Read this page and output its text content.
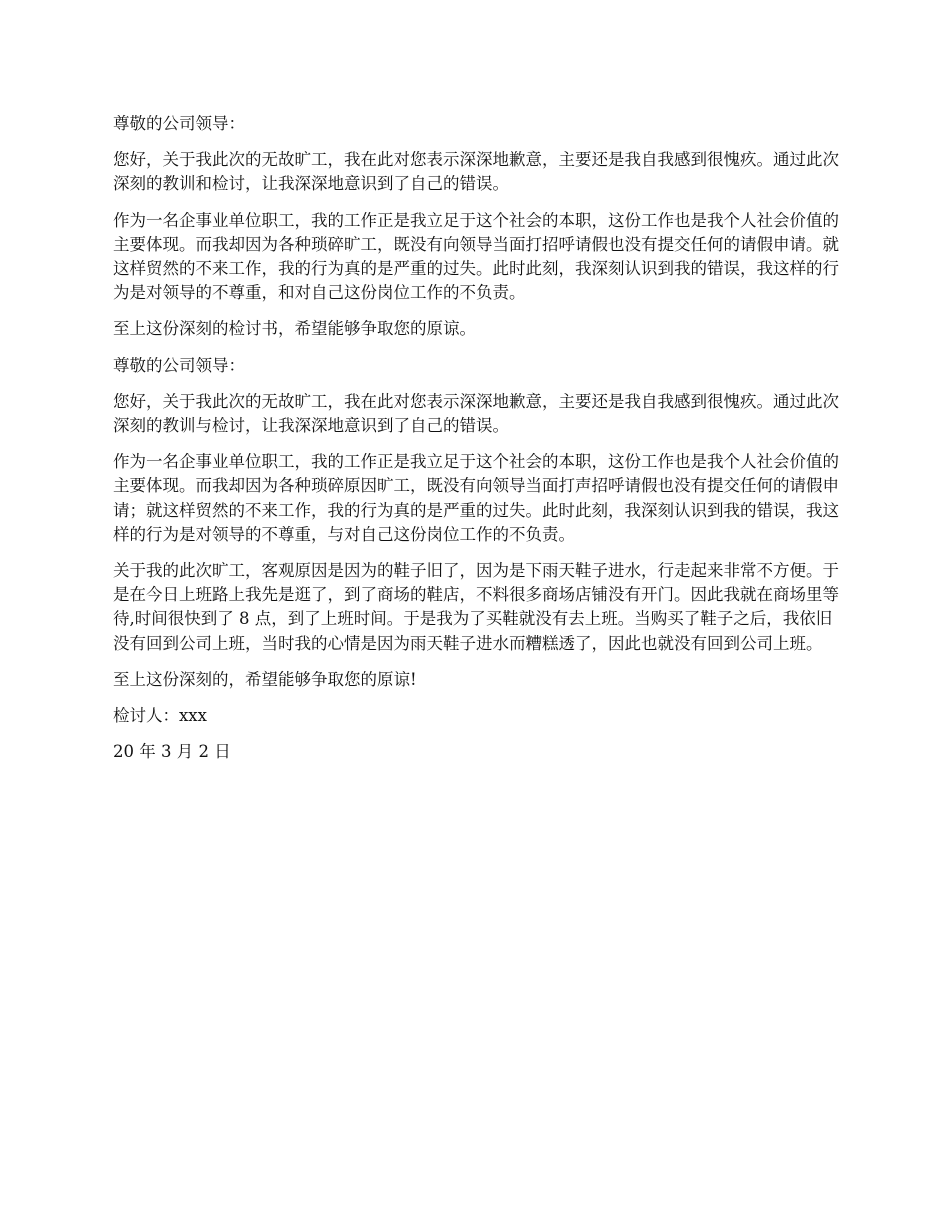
尊敬的公司领导：

您好，关于我此次的无故旷工，我在此对您表示深深地歉意，主要还是我自我感到很愧疚。通过此次深刻的教训和检讨，让我深深地意识到了自己的错误。

作为一名企事业单位职工，我的工作正是我立足于这个社会的本职，这份工作也是我个人社会价值的主要体现。而我却因为各种琐碎旷工，既没有向领导当面打招呼请假也没有提交任何的请假申请。就这样贸然的不来工作，我的行为真的是严重的过失。此时此刻，我深刻认识到我的错误，我这样的行为是对领导的不尊重，和对自己这份岗位工作的不负责。

至上这份深刻的检讨书，希望能够争取您的原谅。

尊敬的公司领导：

您好，关于我此次的无故旷工，我在此对您表示深深地歉意，主要还是我自我感到很愧疚。通过此次深刻的教训与检讨，让我深深地意识到了自己的错误。

作为一名企事业单位职工，我的工作正是我立足于这个社会的本职，这份工作也是我个人社会价值的主要体现。而我却因为各种琐碎原因旷工，既没有向领导当面打声招呼请假也没有提交任何的请假申请；就这样贸然的不来工作，我的行为真的是严重的过失。此时此刻，我深刻认识到我的错误，我这样的行为是对领导的不尊重，与对自己这份岗位工作的不负责。

关于我的此次旷工，客观原因是因为的鞋子旧了，因为是下雨天鞋子进水，行走起来非常不方便。于是在今日上班路上我先是逛了，到了商场的鞋店，不料很多商场店铺没有开门。因此我就在商场里等待,时间很快到了 8 点，到了上班时间。于是我为了买鞋就没有去上班。当购买了鞋子之后，我依旧没有回到公司上班，当时我的心情是因为雨天鞋子进水而糟糕透了，因此也就没有回到公司上班。

至上这份深刻的，希望能够争取您的原谅!

检讨人：xxx

20 年 3 月 2 日
